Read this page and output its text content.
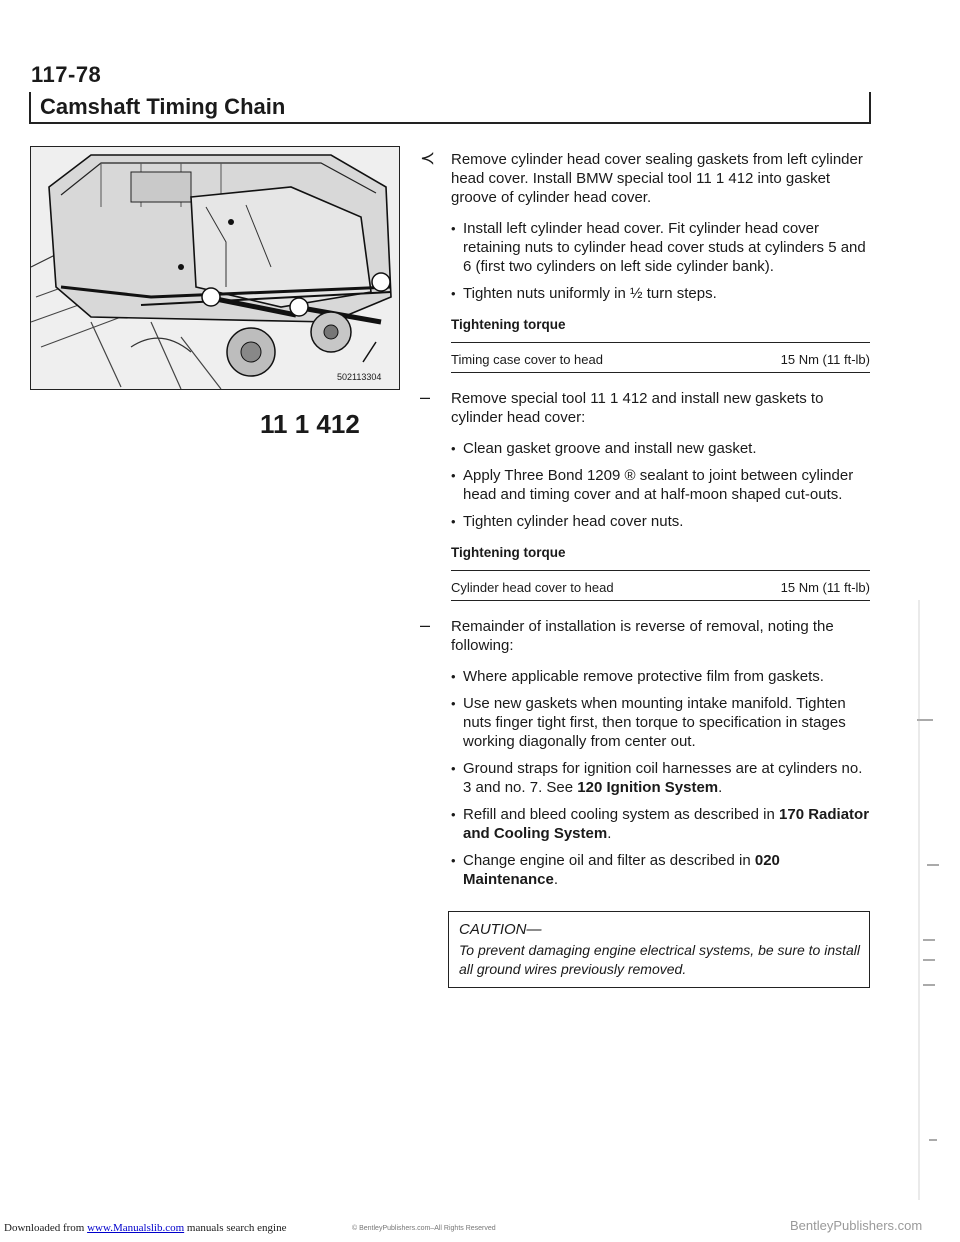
117-78
Camshaft Timing Chain
11 1 412
502113304
≺ Remove cylinder head cover sealing gaskets from left cylinder head cover. Install BMW special tool 11 1 412 into gasket groove of cylinder head cover.
• Install left cylinder head cover. Fit cylinder head cover retaining nuts to cylinder head cover studs at cylinders 5 and 6 (first two cylinders on left side cylinder bank).
• Tighten nuts uniformly in ½ turn steps.
Tightening torque
Timing case cover to head	15 Nm (11 ft-lb)
– Remove special tool 11 1 412 and install new gaskets to cylinder head cover:
• Clean gasket groove and install new gasket.
• Apply Three Bond 1209 ® sealant to joint between cylinder head and timing cover and at half-moon shaped cut-outs.
• Tighten cylinder head cover nuts.
Tightening torque
Cylinder head cover to head	15 Nm (11 ft-lb)
– Remainder of installation is reverse of removal, noting the following:
• Where applicable remove protective film from gaskets.
• Use new gaskets when mounting intake manifold. Tighten nuts finger tight first, then torque to specification in stages working diagonally from center out.
• Ground straps for ignition coil harnesses are at cylinders no. 3 and no. 7. See 120 Ignition System.
• Refill and bleed cooling system as described in 170 Radiator and Cooling System.
• Change engine oil and filter as described in 020 Maintenance.
CAUTION—
To prevent damaging engine electrical systems, be sure to install all ground wires previously removed.
Downloaded from www.Manualslib.com manuals search engine	© BentleyPublishers.com–All Rights Reserved	BentleyPublishers.com
